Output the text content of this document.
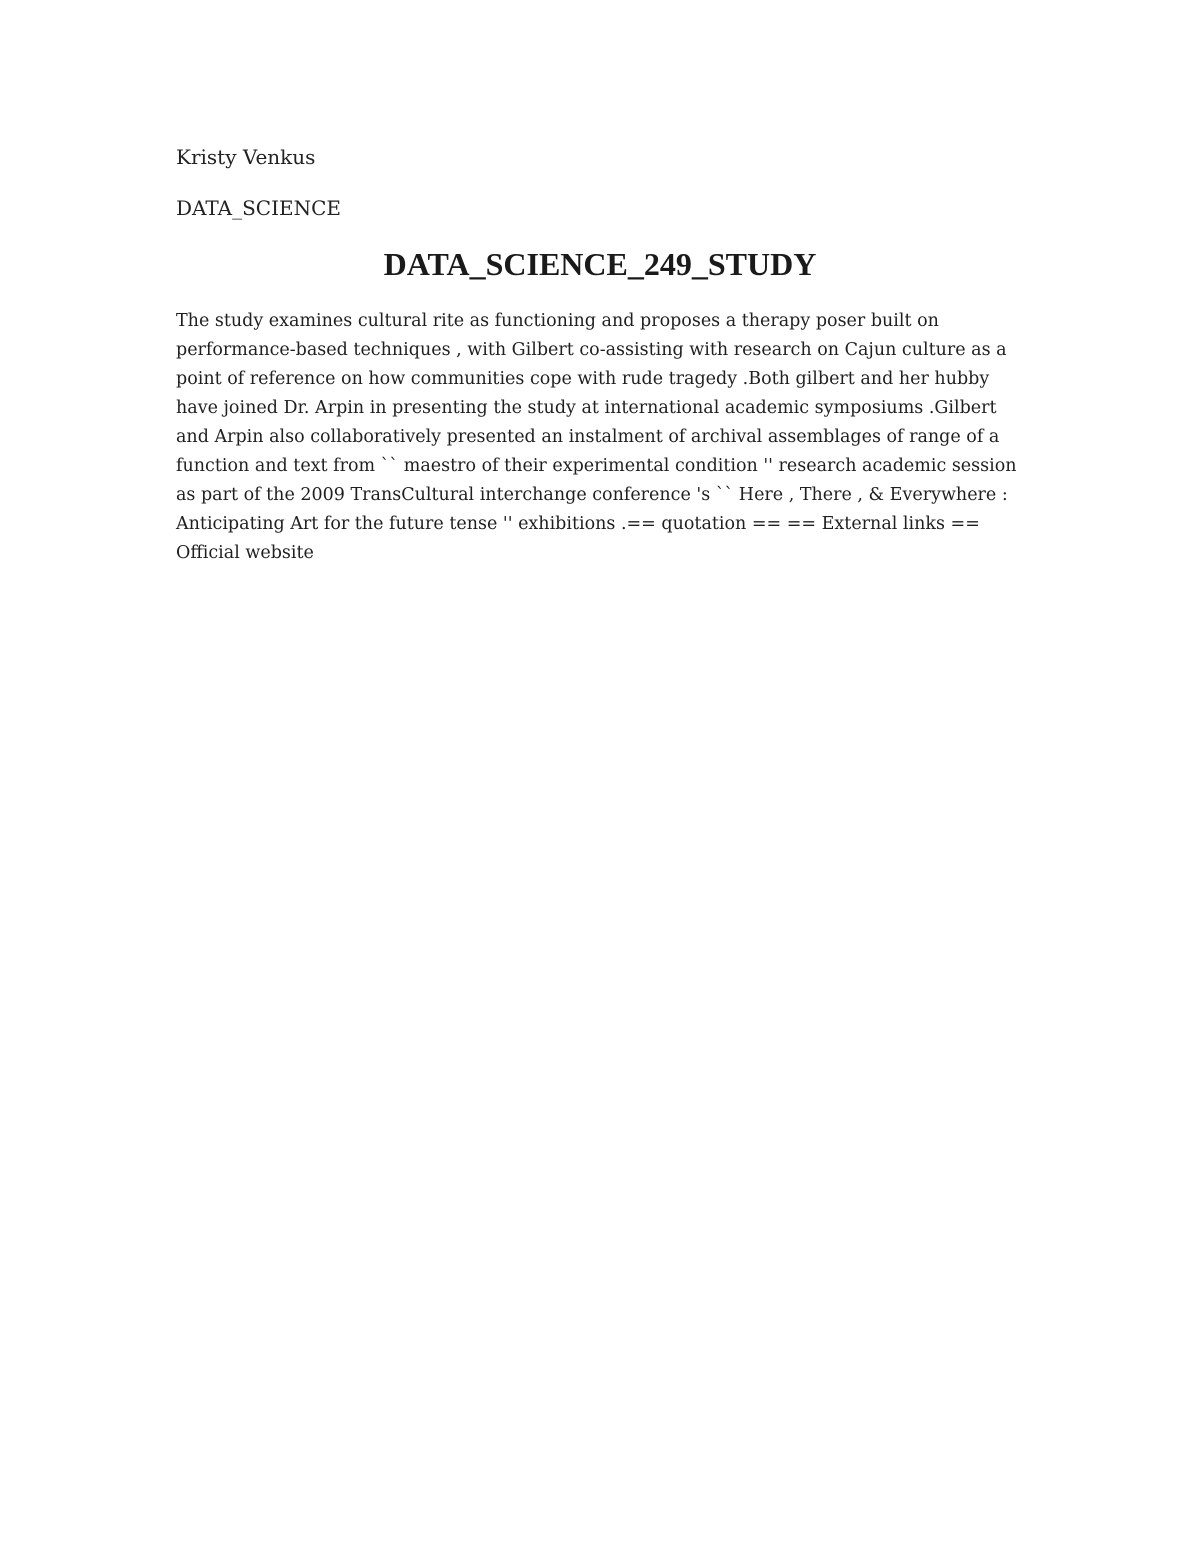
Kristy Venkus

DATA_SCIENCE

DATA_SCIENCE_249_STUDY

The study examines cultural rite as functioning and proposes a therapy poser built on performance-based techniques , with Gilbert co-assisting with research on Cajun culture as a point of reference on how communities cope with rude tragedy .Both gilbert and her hubby have joined Dr. Arpin in presenting the study at international academic symposiums .Gilbert and Arpin also collaboratively presented an instalment of archival assemblages of range of a function and text from `` maestro of their experimental condition '' research academic session as part of the 2009 TransCultural interchange conference 's `` Here , There , & Everywhere : Anticipating Art for the future tense '' exhibitions .== quotation == == External links == Official website
